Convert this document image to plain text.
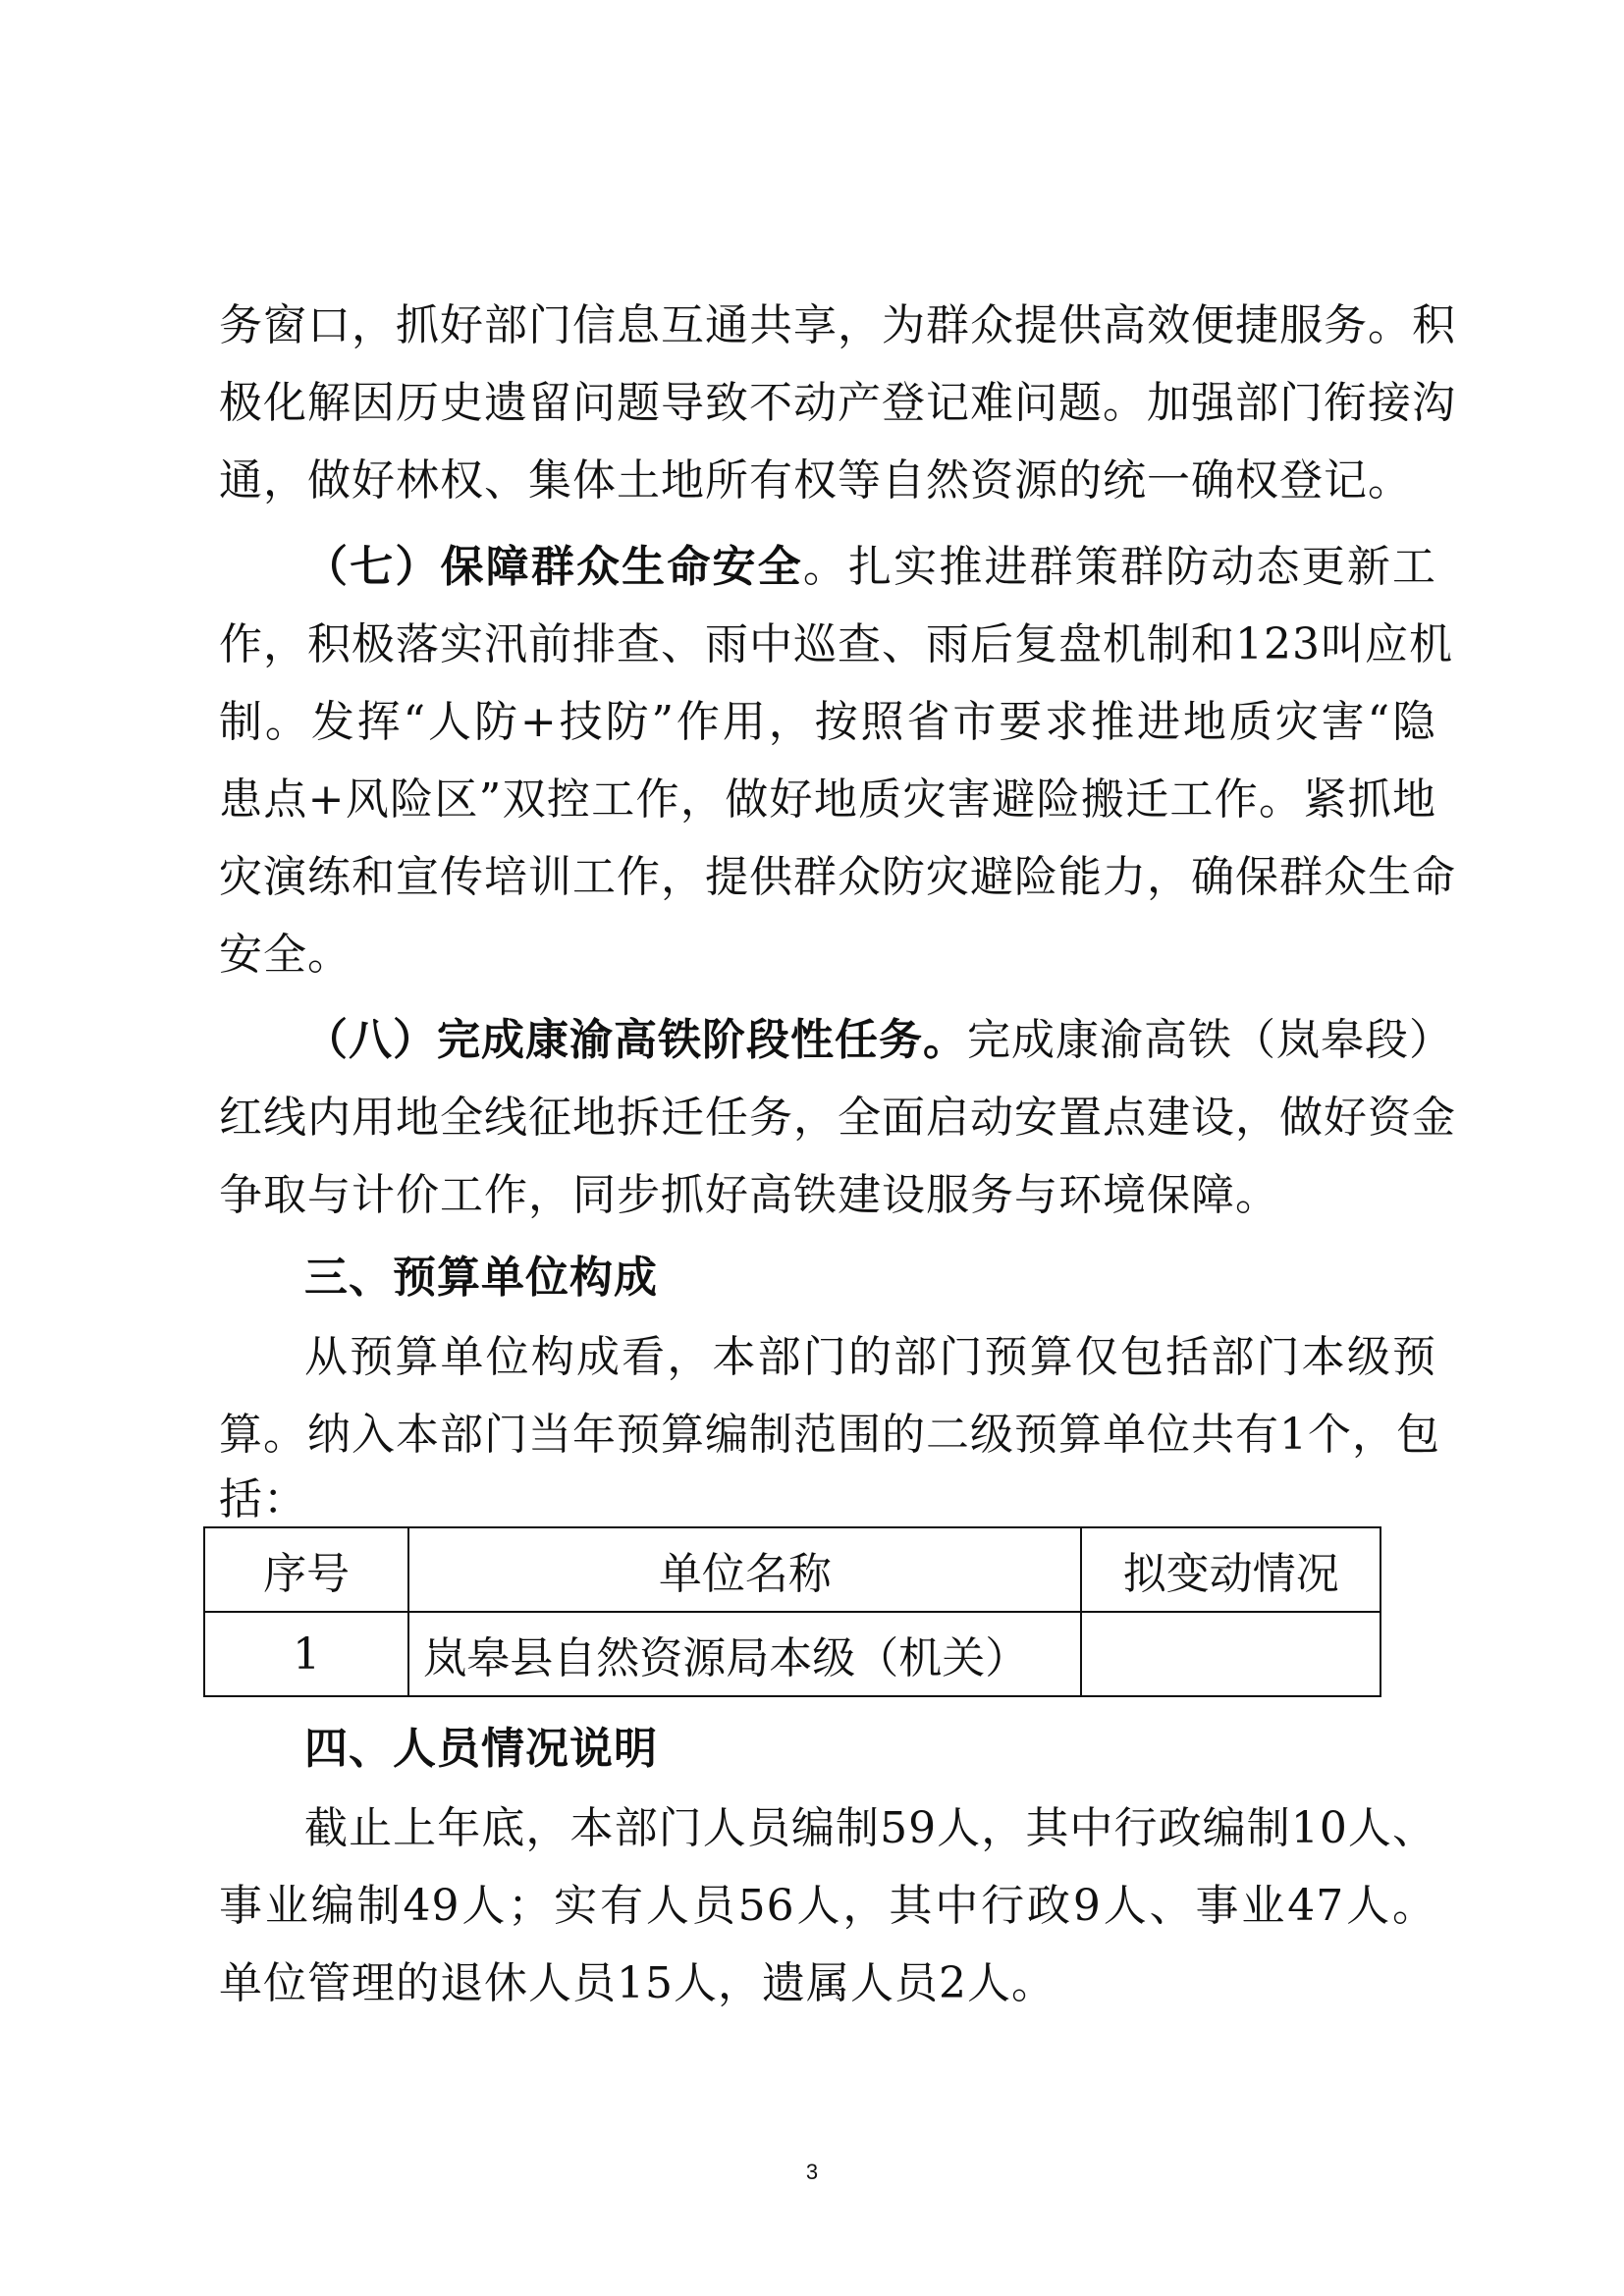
务窗口，抓好部门信息互通共享，为群众提供高效便捷服务。积
极化解因历史遗留问题导致不动产登记难问题。加强部门衔接沟
通，做好林权、集体土地所有权等自然资源的统一确权登记。
（七）保障群众生命安全。扎实推进群策群防动态更新工
作，积极落实汛前排查、雨中巡查、雨后复盘机制和123叫应机
制。发挥“人防+技防”作用，按照省市要求推进地质灾害“隐
患点+风险区”双控工作，做好地质灾害避险搬迁工作。紧抓地
灾演练和宣传培训工作，提供群众防灾避险能力，确保群众生命
安全。
（八）完成康渝高铁阶段性任务。完成康渝高铁（岚皋段）
红线内用地全线征地拆迁任务，全面启动安置点建设，做好资金
争取与计价工作，同步抓好高铁建设服务与环境保障。
三、预算单位构成
从预算单位构成看，本部门的部门预算仅包括部门本级预
算。纳入本部门当年预算编制范围的二级预算单位共有1个，包
括：
序号	单位名称	拟变动情况
1	岚皋县自然资源局本级（机关）	
四、人员情况说明
截止上年底，本部门人员编制59人，其中行政编制10人、
事业编制49人；实有人员56人，其中行政9人、事业47人。
单位管理的退休人员15人，遗属人员2人。
3
